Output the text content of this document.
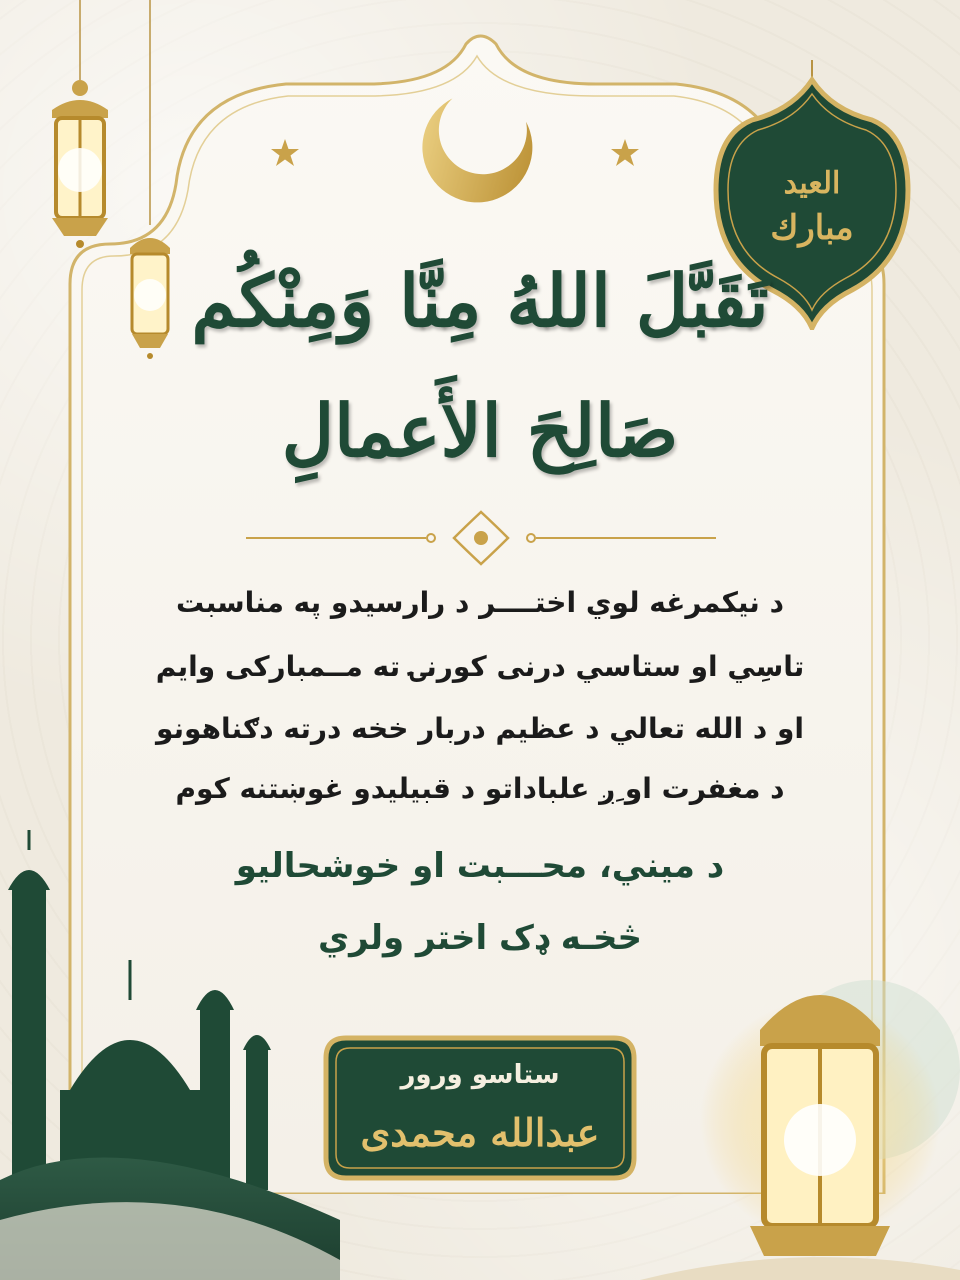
العيد
مبارك
تَقَبَّلَ اللهُ مِنَّا وَمِنْكُم
صَالِحَ الأَعمالِ
د نیکمرغه لوي اختــــر د رارسیدو په مناسبت
تاسِي او ستاسي درنی کورنۍ ته مــمبارکی وایم
او د الله تعالي د عظیم دربار خخه درته دګناهونو
د مغفرت او ِږ علباداتو د قبیلیدو غوښتنه کوم
د میني، محـــبت او خوشحالیو
څخـه ډک اختر ولري
ستاسو ورور
عبدالله محمدی
